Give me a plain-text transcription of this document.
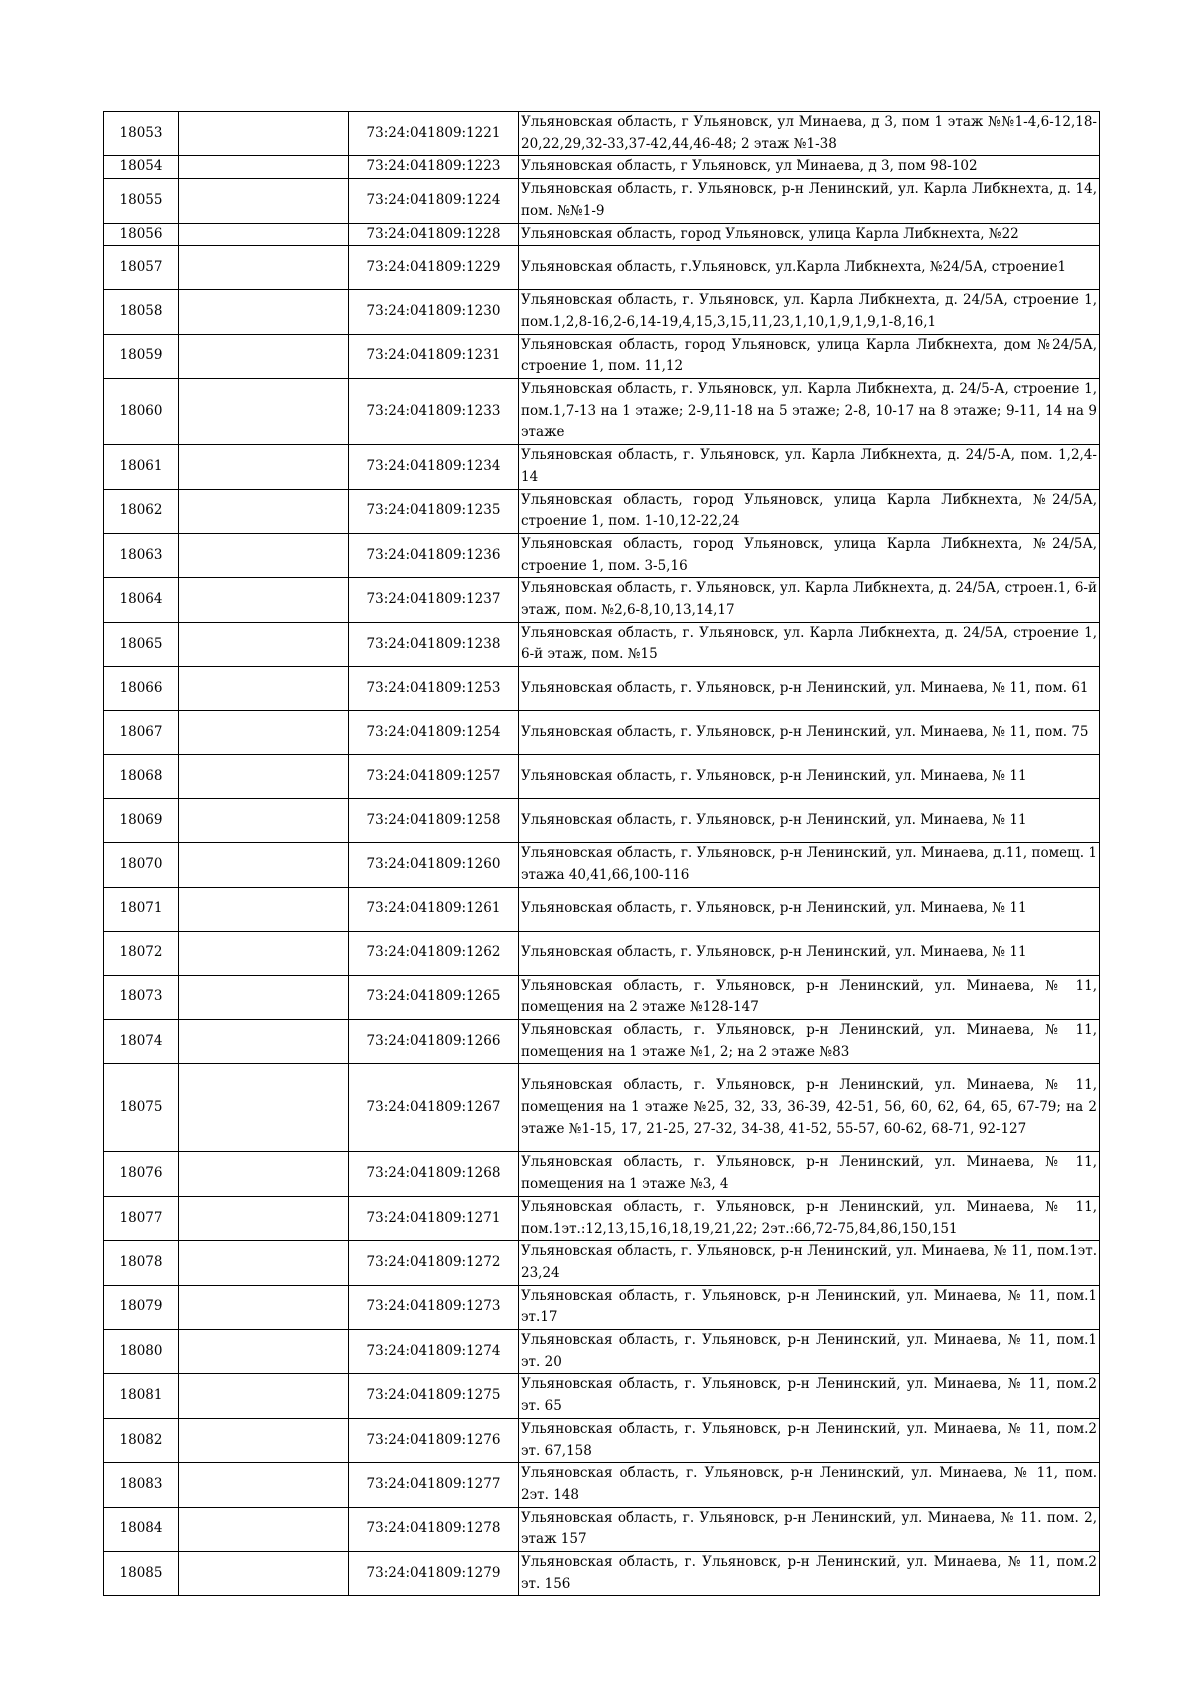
18053		73:24:041809:1221	Ульяновская область, г Ульяновск, ул Минаева, д 3, пом 1 этаж №№1-4,6-12,18-20,22,29,32-33,37-42,44,46-48; 2 этаж №1-38
18054		73:24:041809:1223	Ульяновская область, г Ульяновск, ул Минаева, д 3, пом 98-102
18055		73:24:041809:1224	Ульяновская область, г. Ульяновск, р-н Ленинский, ул. Карла Либкнехта, д. 14, пом. №№1-9
18056		73:24:041809:1228	Ульяновская область, город Ульяновск, улица Карла Либкнехта, №22
18057		73:24:041809:1229	Ульяновская область, г.Ульяновск, ул.Карла Либкнехта, №24/5А, строение1
18058		73:24:041809:1230	Ульяновская область, г. Ульяновск, ул. Карла Либкнехта, д. 24/5А, строение 1, пом.1,2,8-16,2-6,14-19,4,15,3,15,11,23,1,10,1,9,1,9,1-8,16,1
18059		73:24:041809:1231	Ульяновская область, город Ульяновск, улица Карла Либкнехта, дом №24/5А, строение 1, пом. 11,12
18060		73:24:041809:1233	Ульяновская область, г. Ульяновск, ул. Карла Либкнехта, д. 24/5-А, строение 1, пом.1,7-13 на 1 этаже; 2-9,11-18 на 5 этаже; 2-8, 10-17 на 8 этаже; 9-11, 14 на 9 этаже
18061		73:24:041809:1234	Ульяновская область, г. Ульяновск, ул. Карла Либкнехта, д. 24/5-А, пом. 1,2,4-14
18062		73:24:041809:1235	Ульяновская область, город Ульяновск, улица Карла Либкнехта, №24/5А, строение 1, пом. 1-10,12-22,24
18063		73:24:041809:1236	Ульяновская область, город Ульяновск, улица Карла Либкнехта, №24/5А, строение 1, пом. 3-5,16
18064		73:24:041809:1237	Ульяновская область, г. Ульяновск, ул. Карла Либкнехта, д. 24/5А, строен.1, 6-й этаж, пом. №2,6-8,10,13,14,17
18065		73:24:041809:1238	Ульяновская область, г. Ульяновск, ул. Карла Либкнехта, д. 24/5А, строение 1, 6-й этаж, пом. №15
18066		73:24:041809:1253	Ульяновская область, г. Ульяновск, р-н Ленинский, ул. Минаева, № 11, пом. 61
18067		73:24:041809:1254	Ульяновская область, г. Ульяновск, р-н Ленинский, ул. Минаева, № 11, пом. 75
18068		73:24:041809:1257	Ульяновская область, г. Ульяновск, р-н Ленинский, ул. Минаева, № 11
18069		73:24:041809:1258	Ульяновская область, г. Ульяновск, р-н Ленинский, ул. Минаева, № 11
18070		73:24:041809:1260	Ульяновская область, г. Ульяновск, р-н Ленинский, ул. Минаева, д.11, помещ. 1 этажа 40,41,66,100-116
18071		73:24:041809:1261	Ульяновская область, г. Ульяновск, р-н Ленинский, ул. Минаева, № 11
18072		73:24:041809:1262	Ульяновская область, г. Ульяновск, р-н Ленинский, ул. Минаева, № 11
18073		73:24:041809:1265	Ульяновская область, г. Ульяновск, р-н Ленинский, ул. Минаева, № 11, помещения на 2 этаже №128-147
18074		73:24:041809:1266	Ульяновская область, г. Ульяновск, р-н Ленинский, ул. Минаева, № 11, помещения на 1 этаже №1, 2; на 2 этаже №83
18075		73:24:041809:1267	Ульяновская область, г. Ульяновск, р-н Ленинский, ул. Минаева, № 11, помещения на 1 этаже №25, 32, 33, 36-39, 42-51, 56, 60, 62, 64, 65, 67-79; на 2 этаже №1-15, 17, 21-25, 27-32, 34-38, 41-52, 55-57, 60-62, 68-71, 92-127
18076		73:24:041809:1268	Ульяновская область, г. Ульяновск, р-н Ленинский, ул. Минаева, № 11, помещения на 1 этаже №3, 4
18077		73:24:041809:1271	Ульяновская область, г. Ульяновск, р-н Ленинский, ул. Минаева, № 11, пом.1эт.:12,13,15,16,18,19,21,22; 2эт.:66,72-75,84,86,150,151
18078		73:24:041809:1272	Ульяновская область, г. Ульяновск, р-н Ленинский, ул. Минаева, № 11, пом.1эт. 23,24
18079		73:24:041809:1273	Ульяновская область, г. Ульяновск, р-н Ленинский, ул. Минаева, № 11, пом.1 эт.17
18080		73:24:041809:1274	Ульяновская область, г. Ульяновск, р-н Ленинский, ул. Минаева, № 11, пом.1 эт. 20
18081		73:24:041809:1275	Ульяновская область, г. Ульяновск, р-н Ленинский, ул. Минаева, № 11, пом.2 эт. 65
18082		73:24:041809:1276	Ульяновская область, г. Ульяновск, р-н Ленинский, ул. Минаева, № 11, пом.2 эт. 67,158
18083		73:24:041809:1277	Ульяновская область, г. Ульяновск, р-н Ленинский, ул. Минаева, № 11, пом. 2эт. 148
18084		73:24:041809:1278	Ульяновская область, г. Ульяновск, р-н Ленинский, ул. Минаева, № 11. пом. 2, этаж 157
18085		73:24:041809:1279	Ульяновская область, г. Ульяновск, р-н Ленинский, ул. Минаева, № 11, пом.2 эт. 156
